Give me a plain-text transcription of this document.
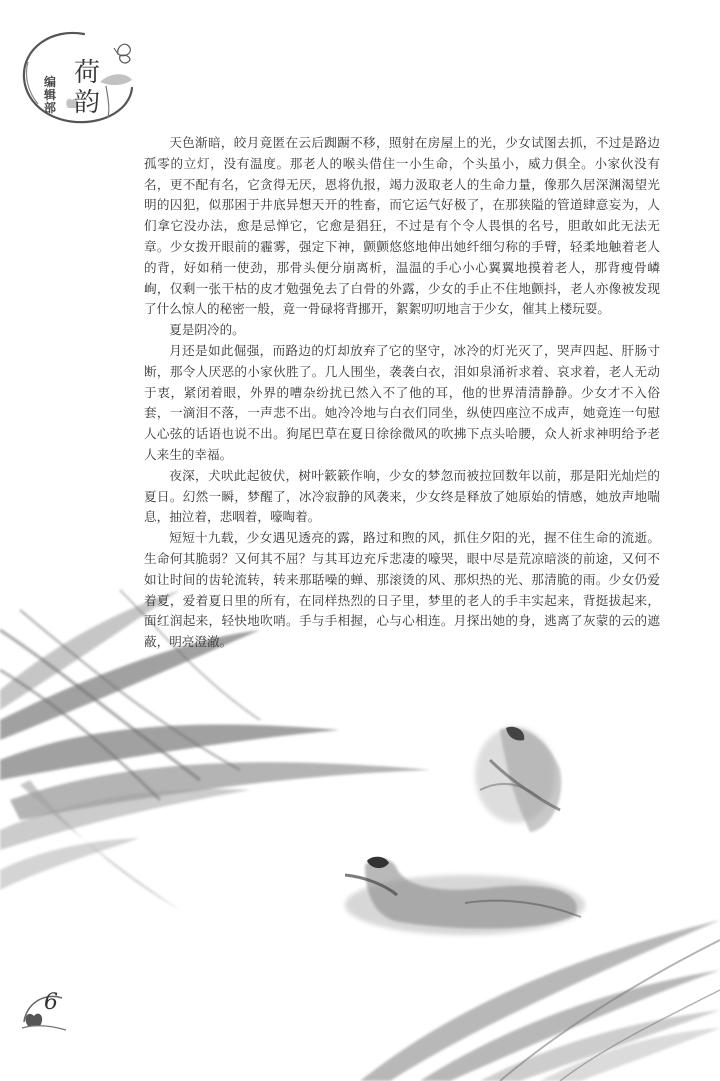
荷韵
编辑部

天色渐暗，皎月竟匿在云后踟蹰不移，照射在房屋上的光，少女试图去抓，不过是路边孤零的立灯，没有温度。那老人的喉头借住一小生命，个头虽小，威力俱全。小家伙没有名，更不配有名，它贪得无厌，恩将仇报，竭力汲取老人的生命力量，像那久居深渊渴望光明的囚犯，似那困于井底异想天开的牲畜，而它运气好极了，在那狭隘的管道肆意妄为，人们拿它没办法，愈是忌惮它，它愈是猖狂，不过是有个令人畏惧的名号，胆敢如此无法无章。少女拨开眼前的霾雾，强定下神，颤颤悠悠地伸出她纤细匀称的手臂，轻柔地触着老人的背，好如稍一使劲，那骨头便分崩离析，温温的手心小心翼翼地摸着老人，那背瘦骨嶙峋，仅剩一张干枯的皮才勉强免去了白骨的外露，少女的手止不住地颤抖，老人亦像被发现了什么惊人的秘密一般，竟一骨碌将背挪开，絮絮叨叨地言于少女，催其上楼玩耍。

夏是阴冷的。

月还是如此倔强，而路边的灯却放弃了它的坚守，冰冷的灯光灭了，哭声四起、肝肠寸断，那令人厌恶的小家伙胜了。几人围坐，袭袭白衣，泪如泉涌祈求着、哀求着，老人无动于衷，紧闭着眼，外界的嘈杂纷扰已然入不了他的耳，他的世界清清静静。少女才不入俗套，一滴泪不落，一声悲不出。她冷冷地与白衣们同坐，纵使四座泣不成声，她竟连一句慰人心弦的话语也说不出。狗尾巴草在夏日徐徐微风的吹拂下点头哈腰，众人祈求神明给予老人来生的幸福。

夜深，犬吠此起彼伏，树叶簌簌作响，少女的梦忽而被拉回数年以前，那是阳光灿烂的夏日。幻然一瞬，梦醒了，冰冷寂静的风袭来，少女终是释放了她原始的情感，她放声地喘息，抽泣着，悲咽着，嚎啕着。

短短十九载，少女遇见透亮的露，路过和煦的风，抓住夕阳的光，握不住生命的流逝。生命何其脆弱？又何其不屈？与其耳边充斥悲凄的嚎哭，眼中尽是荒凉暗淡的前途，又何不如让时间的齿轮流转，转来那聒噪的蝉、那滚烫的风、那炽热的光、那清脆的雨。少女仍爱着夏，爱着夏日里的所有，在同样热烈的日子里，梦里的老人的手丰实起来，背挺拔起来，面红润起来，轻快地吹哨。手与手相握，心与心相连。月探出她的身，逃离了灰蒙的云的遮蔽，明亮澄澈。

6
